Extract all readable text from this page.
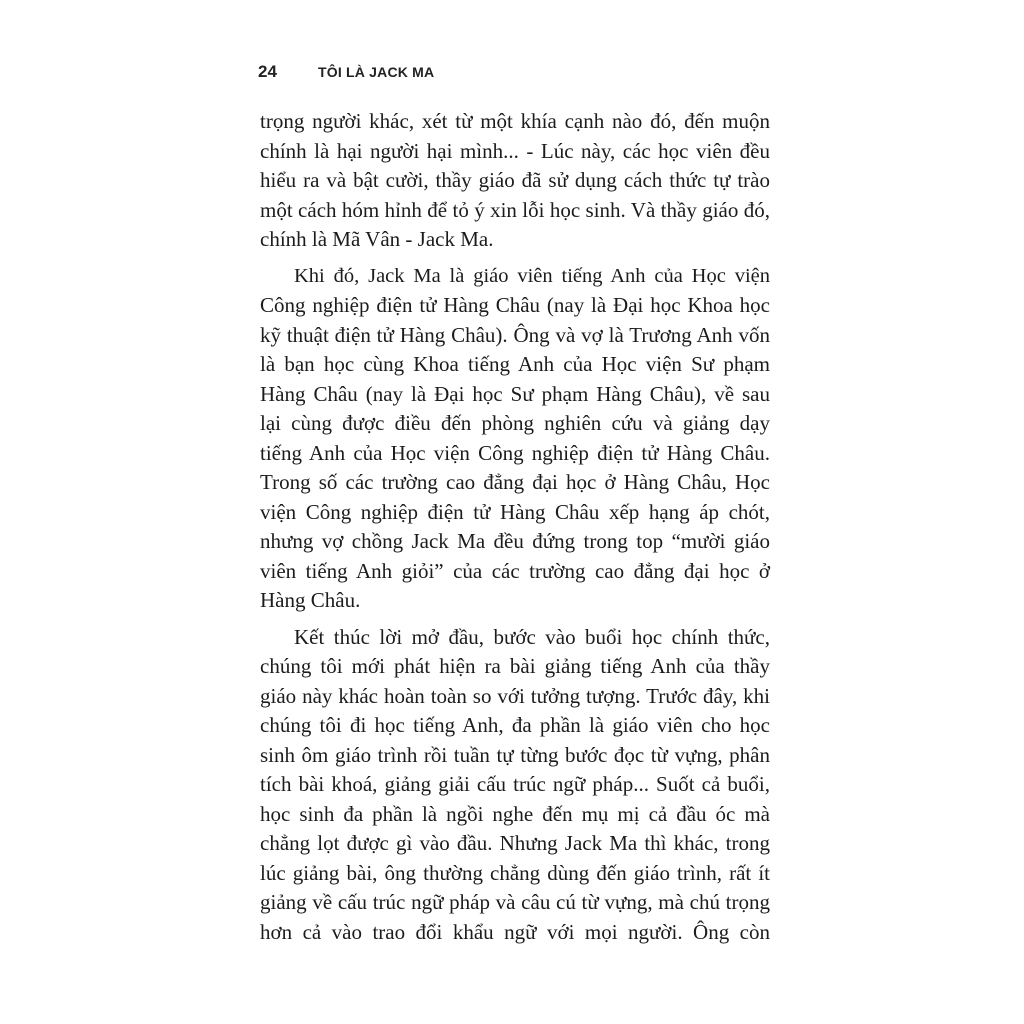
24	TÔI LÀ JACK MA
trọng người khác, xét từ một khía cạnh nào đó, đến muộn
chính là hại người hại mình... - Lúc này, các học viên đều
hiểu ra và bật cười, thầy giáo đã sử dụng cách thức tự trào
một cách hóm hỉnh để tỏ ý xin lỗi học sinh. Và thầy giáo đó,
chính là Mã Vân - Jack Ma.
Khi đó, Jack Ma là giáo viên tiếng Anh của Học viện
Công nghiệp điện tử Hàng Châu (nay là Đại học Khoa học
kỹ thuật điện tử Hàng Châu). Ông và vợ là Trương Anh vốn
là bạn học cùng Khoa tiếng Anh của Học viện Sư phạm
Hàng Châu (nay là Đại học Sư phạm Hàng Châu), về sau
lại cùng được điều đến phòng nghiên cứu và giảng dạy
tiếng Anh của Học viện Công nghiệp điện tử Hàng Châu.
Trong số các trường cao đẳng đại học ở Hàng Châu, Học
viện Công nghiệp điện tử Hàng Châu xếp hạng áp chót,
nhưng vợ chồng Jack Ma đều đứng trong top “mười giáo
viên tiếng Anh giỏi” của các trường cao đẳng đại học ở
Hàng Châu.
Kết thúc lời mở đầu, bước vào buổi học chính thức,
chúng tôi mới phát hiện ra bài giảng tiếng Anh của thầy
giáo này khác hoàn toàn so với tưởng tượng. Trước đây, khi
chúng tôi đi học tiếng Anh, đa phần là giáo viên cho học
sinh ôm giáo trình rồi tuần tự từng bước đọc từ vựng, phân
tích bài khoá, giảng giải cấu trúc ngữ pháp... Suốt cả buổi,
học sinh đa phần là ngồi nghe đến mụ mị cả đầu óc mà
chẳng lọt được gì vào đầu. Nhưng Jack Ma thì khác, trong
lúc giảng bài, ông thường chẳng dùng đến giáo trình, rất ít
giảng về cấu trúc ngữ pháp và câu cú từ vựng, mà chú trọng
hơn cả vào trao đổi khẩu ngữ với mọi người. Ông còn
